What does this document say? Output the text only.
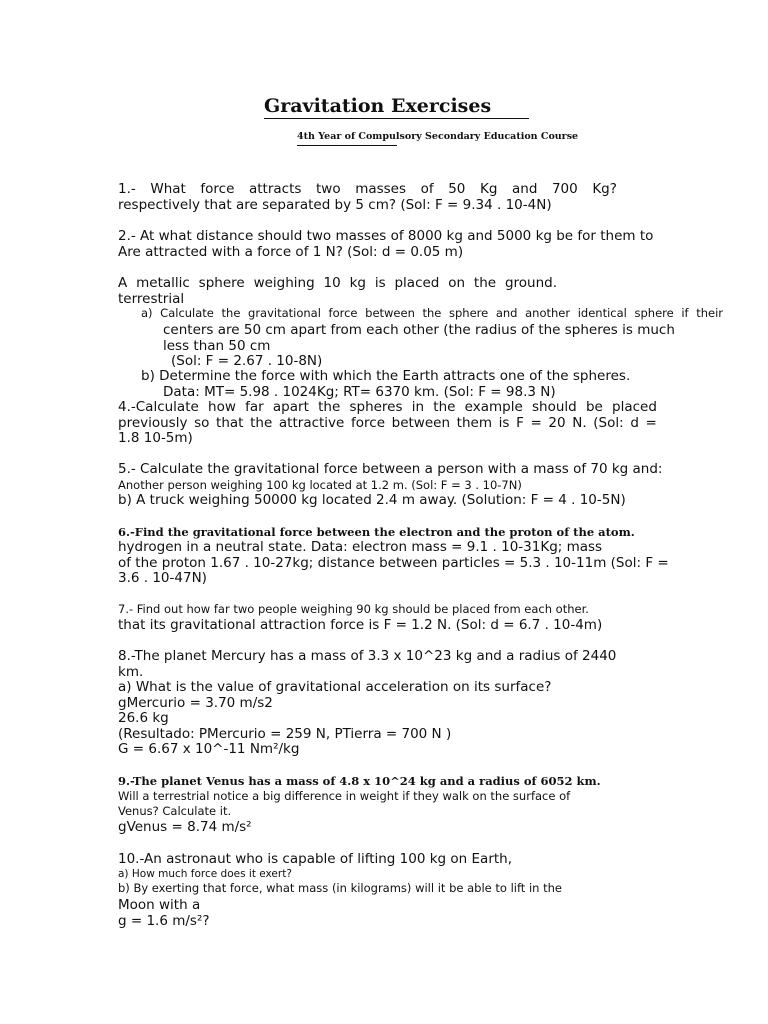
Gravitation Exercises
4th Year of Compulsory Secondary Education Course
1.- What force attracts two masses of 50 Kg and 700 Kg?
respectively that are separated by 5 cm? (Sol: F = 9.34 . 10-4N)
2.- At what distance should two masses of 8000 kg and 5000 kg be for them to
Are attracted with a force of 1 N? (Sol: d = 0.05 m)
A metallic sphere weighing 10 kg is placed on the ground.
terrestrial
a) Calculate the gravitational force between the sphere and another identical sphere if their
centers are 50 cm apart from each other (the radius of the spheres is much
less than 50 cm
(Sol: F = 2.67 . 10-8N)
b) Determine the force with which the Earth attracts one of the spheres.
Data: MT= 5.98 . 1024Kg; RT= 6370 km. (Sol: F = 98.3 N)
4.-Calculate how far apart the spheres in the example should be placed
previously so that the attractive force between them is F = 20 N. (Sol: d =
1.8 10-5m)
5.- Calculate the gravitational force between a person with a mass of 70 kg and:
Another person weighing 100 kg located at 1.2 m. (Sol: F = 3 . 10-7N)
b) A truck weighing 50000 kg located 2.4 m away. (Solution: F = 4 . 10-5N)
6.-Find the gravitational force between the electron and the proton of the atom.
hydrogen in a neutral state. Data: electron mass = 9.1 . 10-31Kg; mass
of the proton 1.67 . 10-27kg; distance between particles = 5.3 . 10-11m (Sol: F =
3.6 . 10-47N)
7.- Find out how far two people weighing 90 kg should be placed from each other.
that its gravitational attraction force is F = 1.2 N. (Sol: d = 6.7 . 10-4m)
8.-The planet Mercury has a mass of 3.3 x 10^23 kg and a radius of 2440
km.
a) What is the value of gravitational acceleration on its surface?
gMercurio = 3.70 m/s2
26.6 kg
(Resultado: PMercurio = 259 N, PTierra = 700 N )
G = 6.67 x 10^-11 Nm²/kg
9.-The planet Venus has a mass of 4.8 x 10^24 kg and a radius of 6052 km.
Will a terrestrial notice a big difference in weight if they walk on the surface of
Venus? Calculate it.
gVenus = 8.74 m/s²
10.-An astronaut who is capable of lifting 100 kg on Earth,
a) How much force does it exert?
b) By exerting that force, what mass (in kilograms) will it be able to lift in the
Moon with a
g = 1.6 m/s²?
